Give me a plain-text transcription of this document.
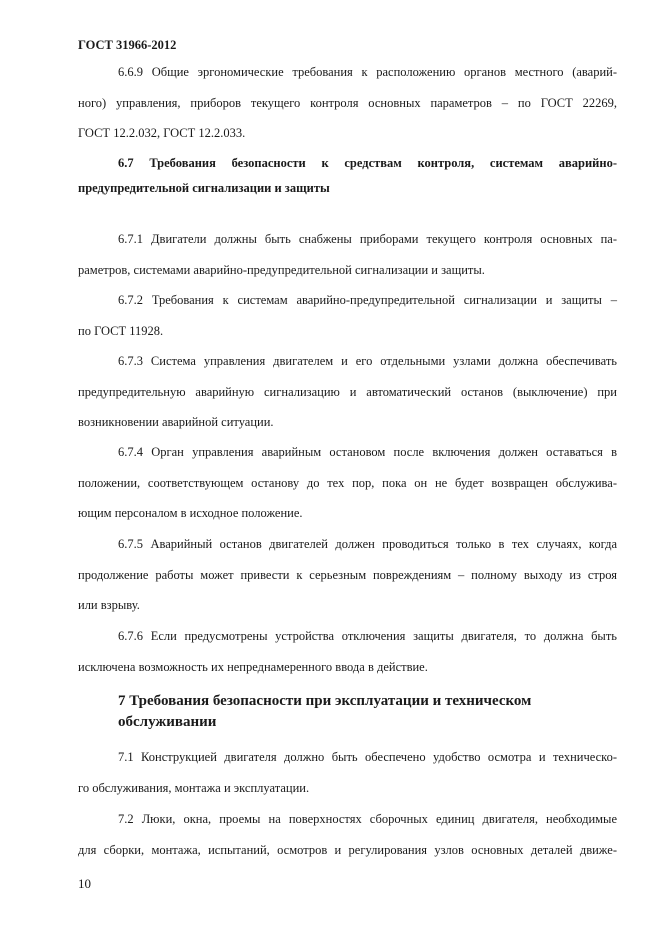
ГОСТ 31966-2012
6.6.9 Общие эргономические требования к расположению органов местного (аварий-
ного) управления, приборов текущего контроля основных параметров – по ГОСТ 22269,
ГОСТ 12.2.032, ГОСТ 12.2.033.
6.7 Требования безопасности к средствам контроля, системам аварийно-
предупредительной сигнализации и защиты
6.7.1 Двигатели должны быть снабжены приборами текущего контроля основных па-
раметров, системами аварийно-предупредительной сигнализации и защиты.
6.7.2 Требования к системам аварийно-предупредительной сигнализации и защиты –
по ГОСТ 11928.
6.7.3 Система управления двигателем и его отдельными узлами должна обеспечивать
предупредительную аварийную сигнализацию и автоматический останов (выключение) при
возникновении аварийной ситуации.
6.7.4 Орган управления аварийным остановом после включения должен оставаться в
положении, соответствующем останову до тех пор, пока он не будет возвращен обслужива-
ющим персоналом в исходное положение.
6.7.5 Аварийный останов двигателей должен проводиться только в тех случаях, когда
продолжение работы может привести к серьезным повреждениям – полному выходу из строя
или взрыву.
6.7.6 Если предусмотрены устройства отключения защиты двигателя, то должна быть
исключена возможность их непреднамеренного ввода в действие.
7 Требования безопасности при эксплуатации и техническом
обслуживании
7.1 Конструкцией двигателя должно быть обеспечено удобство осмотра и техническо-
го обслуживания, монтажа и эксплуатации.
7.2 Люки, окна, проемы на поверхностях сборочных единиц двигателя, необходимые
для сборки, монтажа, испытаний, осмотров и регулирования узлов основных деталей движе-
10
